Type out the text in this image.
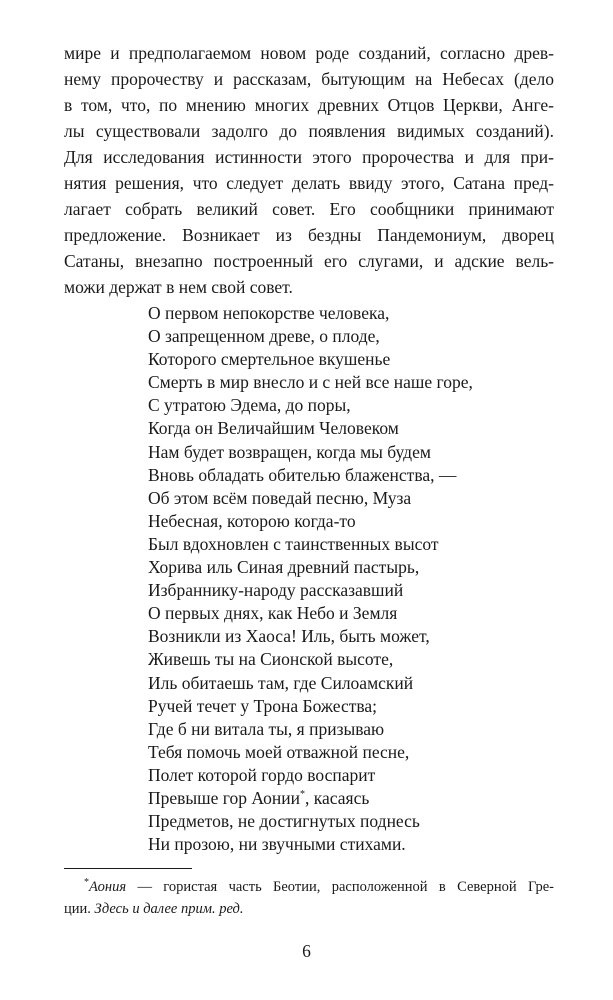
мире и предполагаемом новом роде созданий, согласно древ-
нему пророчеству и рассказам, бытующим на Небесах (дело
в том, что, по мнению многих древних Отцов Церкви, Анге-
лы существовали задолго до появления видимых созданий).
Для исследования истинности этого пророчества и для при-
нятия решения, что следует делать ввиду этого, Сатана пред-
лагает собрать великий совет. Его сообщники принимают
предложение. Возникает из бездны Пандемониум, дворец
Сатаны, внезапно построенный его слугами, и адские вель-
можи держат в нем свой совет.
О первом непокорстве человека,
О запрещенном древе, о плоде,
Которого смертельное вкушенье
Смерть в мир внесло и с ней все наше горе,
С утратою Эдема, до поры,
Когда он Величайшим Человеком
Нам будет возвращен, когда мы будем
Вновь обладать обителью блаженства, —
Об этом всём поведай песню, Муза
Небесная, которою когда-то
Был вдохновлен с таинственных высот
Хорива иль Синая древний пастырь,
Избраннику-народу рассказавший
О первых днях, как Небо и Земля
Возникли из Хаоса! Иль, быть может,
Живешь ты на Сионской высоте,
Иль обитаешь там, где Силоамский
Ручей течет у Трона Божества;
Где б ни витала ты, я призываю
Тебя помочь моей отважной песне,
Полет которой гордо воспарит
Превыше гор Аонии*, касаясь
Предметов, не достигнутых поднесь
Ни прозою, ни звучными стихами.
*Аония — гористая часть Беотии, расположенной в Северной Гре-
ции. Здесь и далее прим. ред.
6
